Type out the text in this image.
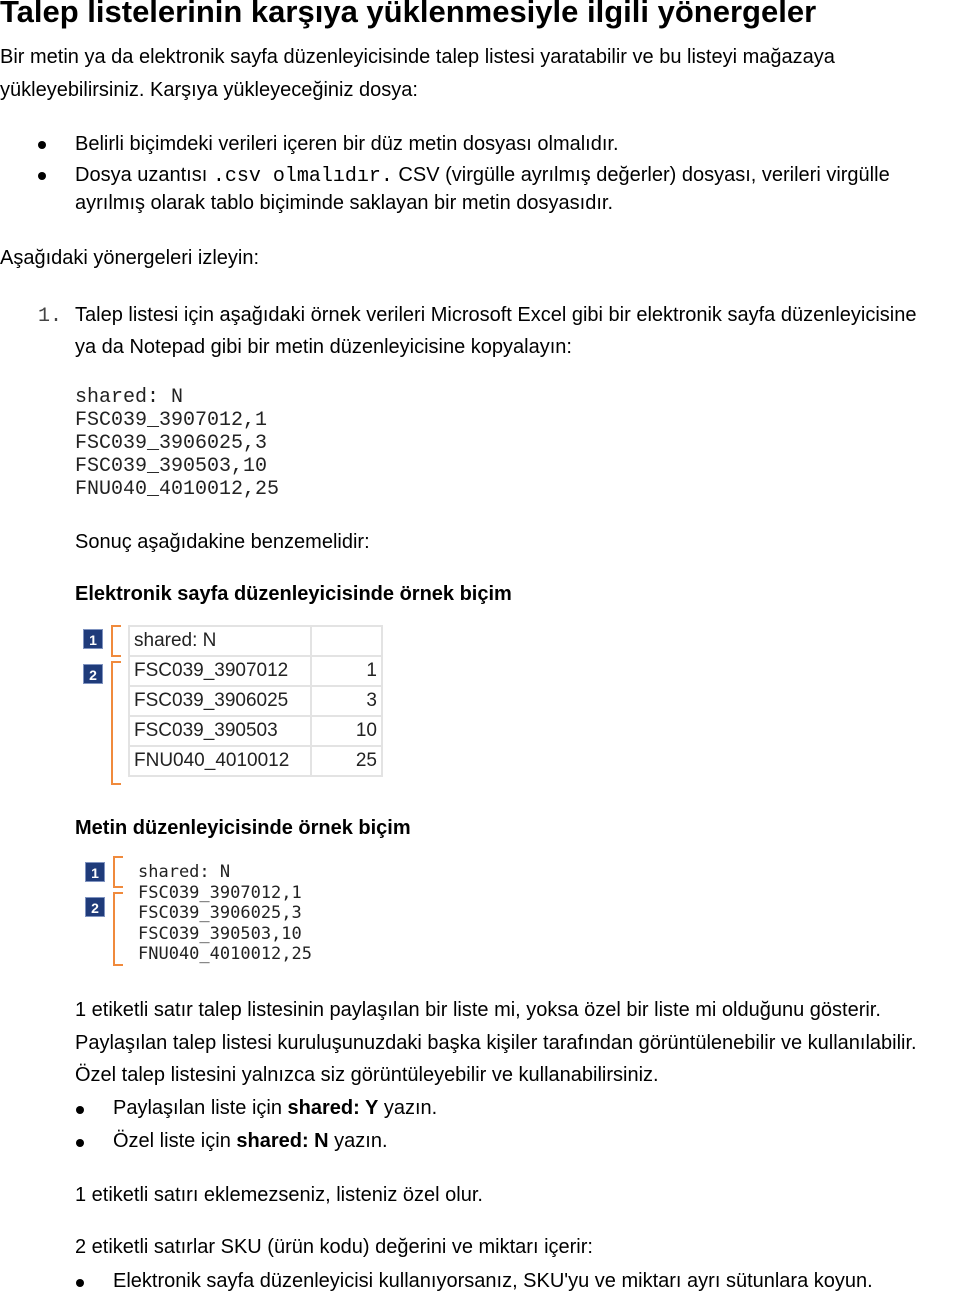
Talep listelerinin karşıya yüklenmesiyle ilgili yönergeler
Bir metin ya da elektronik sayfa düzenleyicisinde talep listesi yaratabilir ve bu listeyi mağazaya
yükleyebilirsiniz. Karşıya yükleyeceğiniz dosya:
Belirli biçimdeki verileri içeren bir düz metin dosyası olmalıdır.
Dosya uzantısı .csv olmalıdır. CSV (virgülle ayrılmış değerler) dosyası, verileri virgülle
ayrılmış olarak tablo biçiminde saklayan bir metin dosyasıdır.
Aşağıdaki yönergeleri izleyin:
1. Talep listesi için aşağıdaki örnek verileri Microsoft Excel gibi bir elektronik sayfa düzenleyicisine
ya da Notepad gibi bir metin düzenleyicisine kopyalayın:
shared: N
FSC039_3907012,1
FSC039_3906025,3
FSC039_390503,10
FNU040_4010012,25
Sonuç aşağıdakine benzemelidir:
Elektronik sayfa düzenleyicisinde örnek biçim
1
2
shared: N	
FSC039_3907012	1
FSC039_3906025	3
FSC039_390503	10
FNU040_4010012	25
Metin düzenleyicisinde örnek biçim
1
2
shared: N
FSC039_3907012,1
FSC039_3906025,3
FSC039_390503,10
FNU040_4010012,25
1 etiketli satır talep listesinin paylaşılan bir liste mi, yoksa özel bir liste mi olduğunu gösterir.
Paylaşılan talep listesi kuruluşunuzdaki başka kişiler tarafından görüntülenebilir ve kullanılabilir.
Özel talep listesini yalnızca siz görüntüleyebilir ve kullanabilirsiniz.
Paylaşılan liste için shared: Y yazın.
Özel liste için shared: N yazın.
1 etiketli satırı eklemezseniz, listeniz özel olur.
2 etiketli satırlar SKU (ürün kodu) değerini ve miktarı içerir:
Elektronik sayfa düzenleyicisi kullanıyorsanız, SKU'yu ve miktarı ayrı sütunlara koyun.
